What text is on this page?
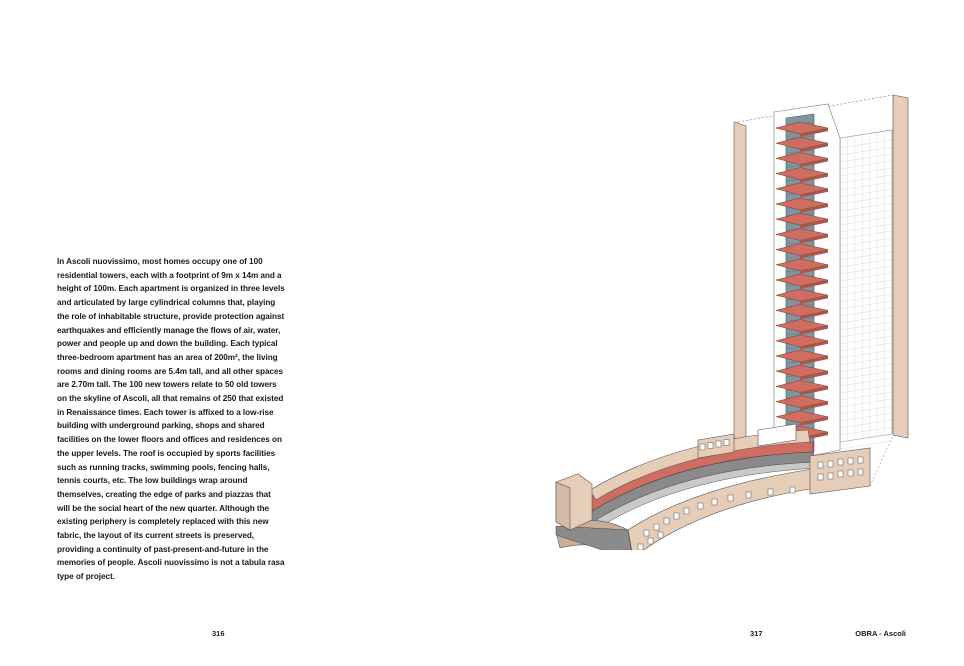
In Ascoli nuovissimo, most homes occupy one of 100 residential towers, each with a footprint of 9m x 14m and a height of 100m. Each apartment is organized in three levels and articulated by large cylindrical columns that, playing the role of inhabitable structure, provide protection against earthquakes and efficiently manage the flows of air, water, power and people up and down the building. Each typical three-bedroom apartment has an area of 200m², the living rooms and dining rooms are 5.4m tall, and all other spaces are 2.70m tall. The 100 new towers relate to 50 old towers on the skyline of Ascoli, all that remains of 250 that existed in Renaissance times. Each tower is affixed to a low-rise building with underground parking, shops and shared facilities on the lower floors and offices and residences on the upper levels. The roof is occupied by sports facilities such as running tracks, swimming pools, fencing halls, tennis courts, etc. The low buildings wrap around themselves, creating the edge of parks and piazzas that will be the social heart of the new quarter. Although the existing periphery is completely replaced with this new fabric, the layout of its current streets is preserved, providing a continuity of past-present-and-future in the memories of people. Ascoli nuovissimo is not a tabula rasa type of project.
316	317	OBRA - Ascoli
